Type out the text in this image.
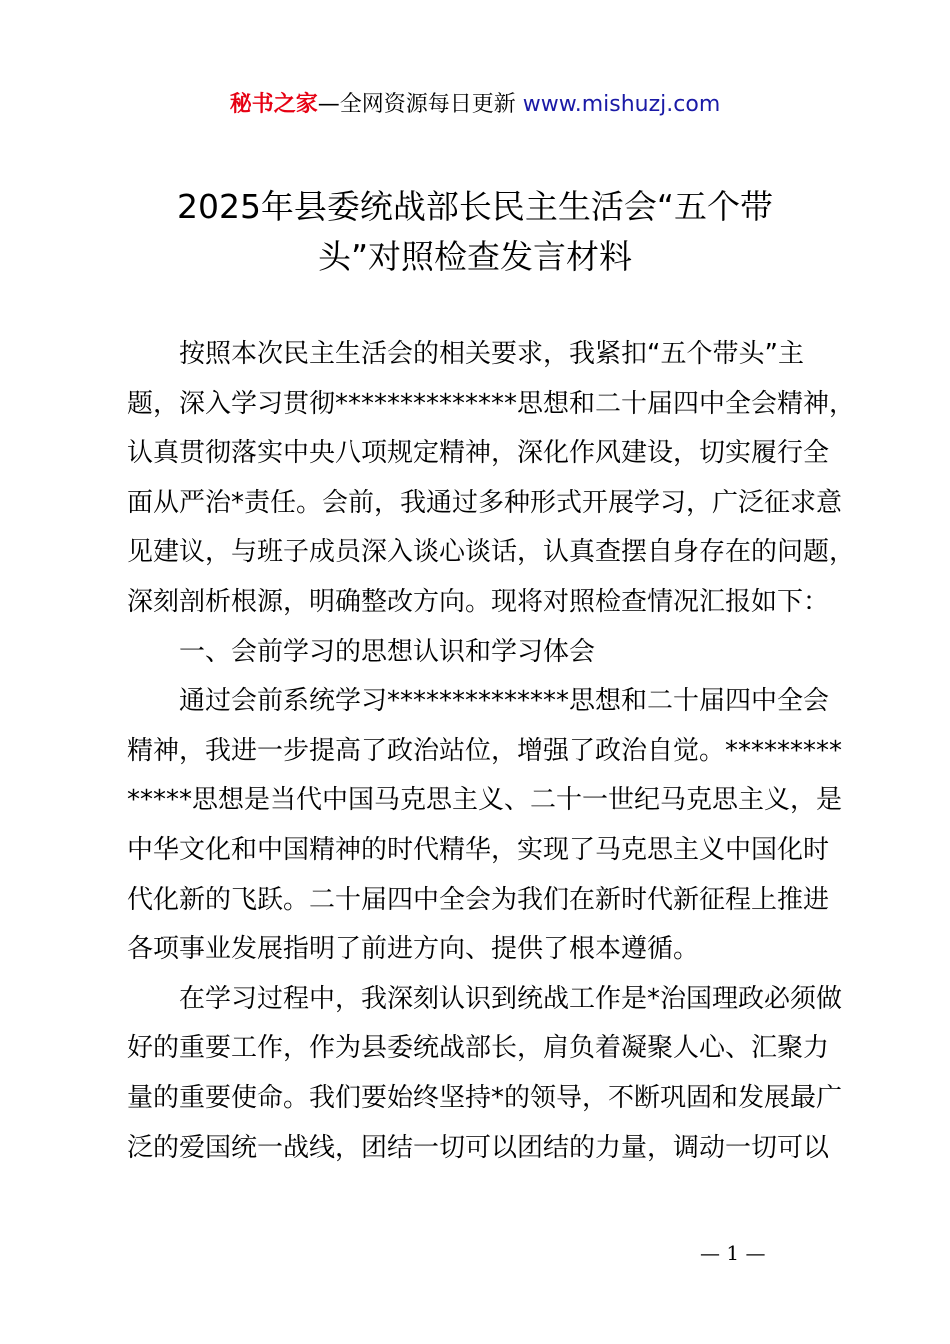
秘书之家—全网资源每日更新 www.mishuzj.com
2025年县委统战部长民主生活会“五个带
头”对照检查发言材料
按照本次民主生活会的相关要求，我紧扣“五个带头”主
题，深入学习贯彻**************思想和二十届四中全会精神，
认真贯彻落实中央八项规定精神，深化作风建设，切实履行全
面从严治*责任。会前，我通过多种形式开展学习，广泛征求意
见建议，与班子成员深入谈心谈话，认真查摆自身存在的问题，
深刻剖析根源，明确整改方向。现将对照检查情况汇报如下：
一、会前学习的思想认识和学习体会
通过会前系统学习**************思想和二十届四中全会
精神，我进一步提高了政治站位，增强了政治自觉。*********
*****思想是当代中国马克思主义、二十一世纪马克思主义，是
中华文化和中国精神的时代精华，实现了马克思主义中国化时
代化新的飞跃。二十届四中全会为我们在新时代新征程上推进
各项事业发展指明了前进方向、提供了根本遵循。
在学习过程中，我深刻认识到统战工作是*治国理政必须做
好的重要工作，作为县委统战部长，肩负着凝聚人心、汇聚力
量的重要使命。我们要始终坚持*的领导，不断巩固和发展最广
泛的爱国统一战线，团结一切可以团结的力量，调动一切可以
— 1 —
